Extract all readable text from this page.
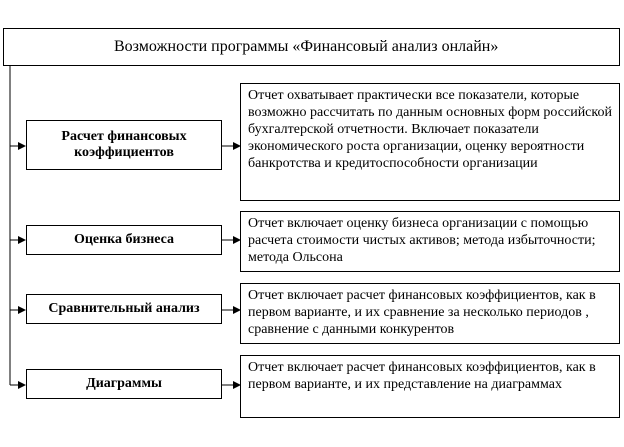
Возможности программы «Финансовый анализ онлайн»
Расчет финансовых коэффициентов
Отчет охватывает практически все показатели, которые возможно рассчитать по данным основных форм российской бухгалтерской отчетности. Включает показатели экономического роста организации, оценку вероятности банкротства и кредитоспособности организации
Оценка бизнеса
Отчет включает оценку бизнеса организации с помощью расчета стоимости чистых активов; метода избыточности; метода Ольсона
Сравнительный анализ
Отчет включает расчет финансовых коэффициентов, как в первом варианте, и их сравнение за несколько периодов , сравнение с данными конкурентов
Диаграммы
Отчет включает расчет финансовых коэффициентов, как в первом варианте, и их представление на диаграммах
